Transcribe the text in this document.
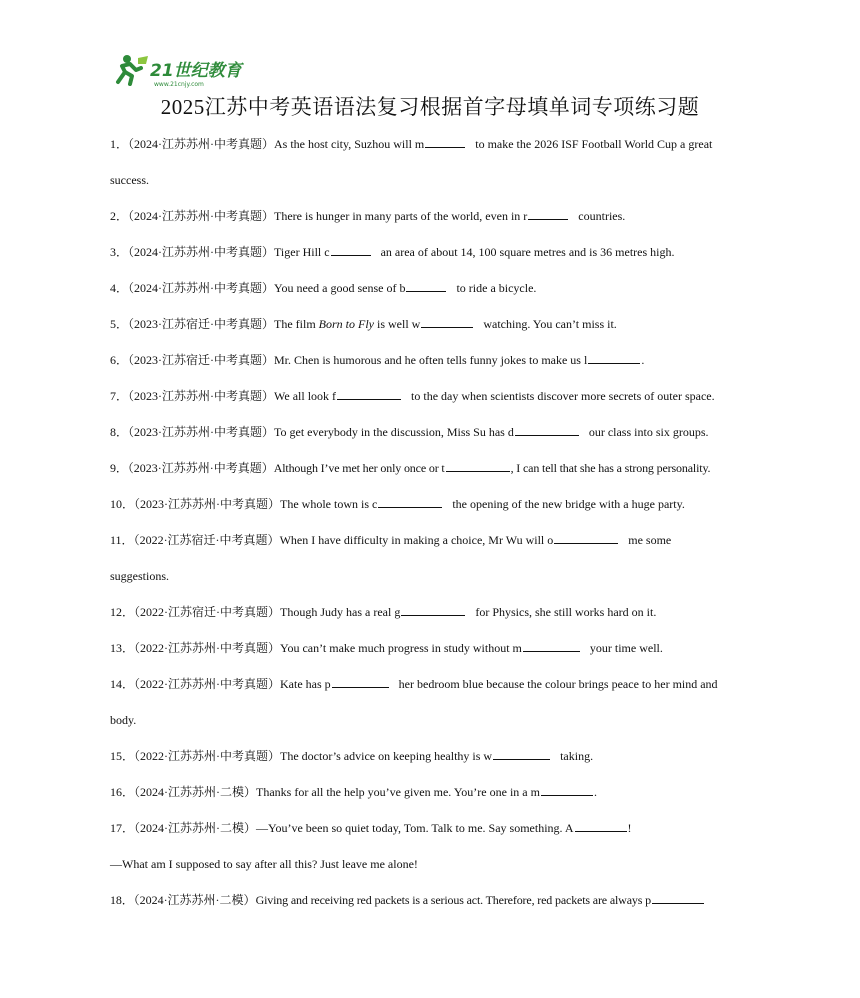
21世纪教育
www.21cnjy.com
2025江苏中考英语语法复习根据首字母填单词专项练习题
1．（2024·江苏苏州·中考真题）As the host city, Suzhou will m	to make the 2026 ISF Football World Cup a great
success.
2．（2024·江苏苏州·中考真题）There is hunger in many parts of the world, even in r	countries.
3．（2024·江苏苏州·中考真题）Tiger Hill c	an area of about 14, 100 square metres and is 36 metres high.
4．（2024·江苏苏州·中考真题）You need a good sense of b	to ride a bicycle.
5．（2023·江苏宿迁·中考真题）The film Born to Fly is well w	watching. You can’t miss it.
6．（2023·江苏宿迁·中考真题）Mr. Chen is humorous and he often tells funny jokes to make us l	.
7．（2023·江苏苏州·中考真题）We all look f	to the day when scientists discover more secrets of outer space.
8．（2023·江苏苏州·中考真题）To get everybody in the discussion, Miss Su has d	our class into six groups.
9．（2023·江苏苏州·中考真题）Although I’ve met her only once or t	, I can tell that she has a strong personality.
10．（2023·江苏苏州·中考真题）The whole town is c	the opening of the new bridge with a huge party.
11．（2022·江苏宿迁·中考真题）When I have difficulty in making a choice, Mr Wu will o	me some
suggestions.
12．（2022·江苏宿迁·中考真题）Though Judy has a real g	for Physics, she still works hard on it.
13．（2022·江苏苏州·中考真题）You can’t make much progress in study without m	your time well.
14．（2022·江苏苏州·中考真题）Kate has p	her bedroom blue because the colour brings peace to her mind and
body.
15．（2022·江苏苏州·中考真题）The doctor’s advice on keeping healthy is w	taking.
16．（2024·江苏苏州·二模）Thanks for all the help you’ve given me. You’re one in a m	.
17．（2024·江苏苏州·二模）—You’ve been so quiet today, Tom. Talk to me. Say something. A	!
—What am I supposed to say after all this? Just leave me alone!
18．（2024·江苏苏州·二模）Giving and receiving red packets is a serious act. Therefore, red packets are always p
